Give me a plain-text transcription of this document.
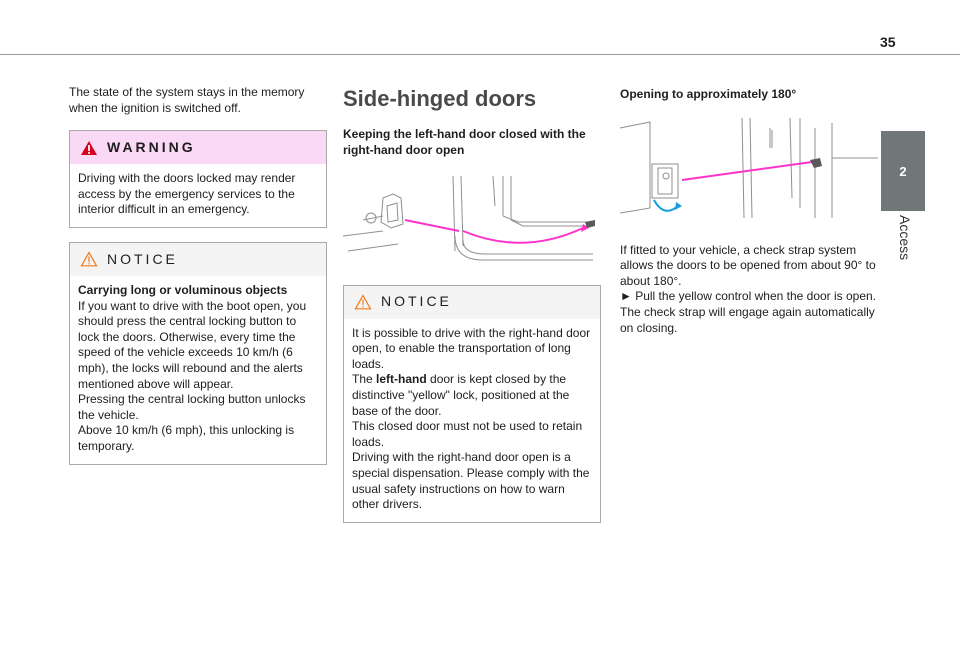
35
2
Access

The state of the system stays in the memory when the ignition is switched off.

WARNING
Driving with the doors locked may render access by the emergency services to the interior difficult in an emergency.
NOTICE
Carrying long or voluminous objects
If you want to drive with the boot open, you should press the central locking button to lock the doors. Otherwise, every time the speed of the vehicle exceeds 10 km/h (6 mph), the locks will rebound and the alerts mentioned above will appear.
Pressing the central locking button unlocks the vehicle.
Above 10 km/h (6 mph), this unlocking is temporary.
Side-hinged doors

Keeping the left-hand door closed with the right-hand door open

NOTICE
It is possible to drive with the right-hand door open, to enable the transportation of long loads.
The left-hand door is kept closed by the distinctive "yellow" lock, positioned at the base of the door.
This closed door must not be used to retain loads.
Driving with the right-hand door open is a special dispensation. Please comply with the usual safety instructions on how to warn other drivers.

Opening to approximately 180°

If fitted to your vehicle, a check strap system allows the doors to be opened from about 90° to about 180°.

► Pull the yellow control when the door is open.

The check strap will engage again automatically on closing.
